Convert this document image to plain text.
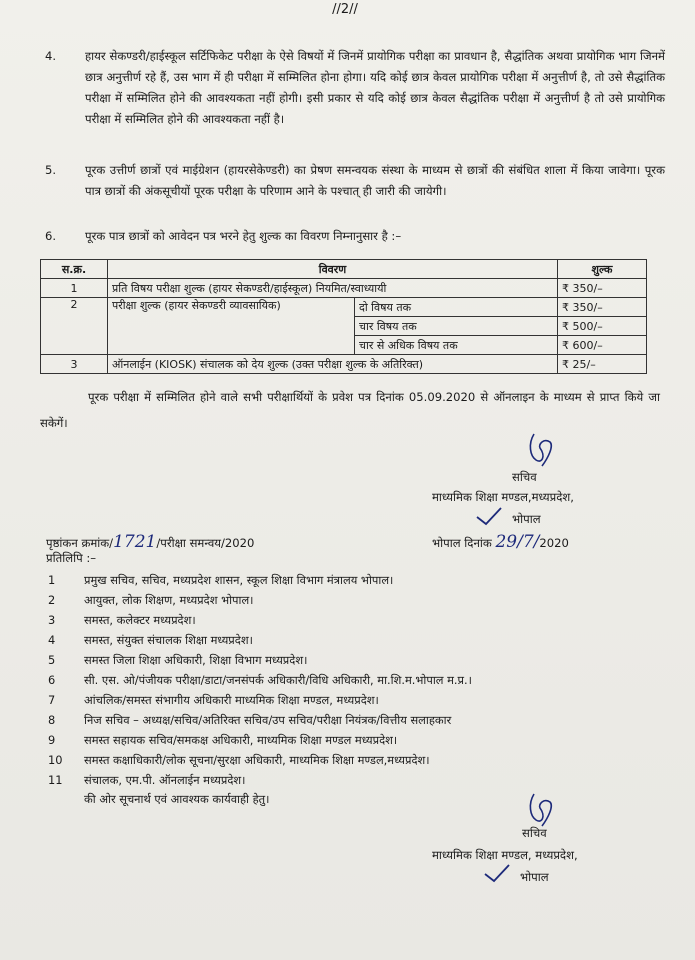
//2//
4. हायर सेकण्डरी/हाईस्कूल सर्टिफिकेट परीक्षा के ऐसे विषयों में जिनमें प्रायोगिक परीक्षा का प्रावधान है, सैद्धांतिक अथवा प्रायोगिक भाग जिनमें छात्र अनुत्तीर्ण रहे हैं, उस भाग में ही परीक्षा में सम्मिलित होना होगा। यदि कोई छात्र केवल प्रायोगिक परीक्षा में अनुत्तीर्ण है, तो उसे सैद्धांतिक परीक्षा में सम्मिलित होने की आवश्यकता नहीं होगी। इसी प्रकार से यदि कोई छात्र केवल सैद्धांतिक परीक्षा में अनुत्तीर्ण है तो उसे प्रायोगिक परीक्षा में सम्मिलित होने की आवश्यकता नहीं है।
5. पूरक उत्तीर्ण छात्रों एवं माईग्रेशन (हायरसेकेण्डरी) का प्रेषण समन्वयक संस्था के माध्यम से छात्रों की संबंधित शाला में किया जावेगा। पूरक पात्र छात्रों की अंकसूचीयों पूरक परीक्षा के परिणाम आने के पश्चात् ही जारी की जायेगी।
6. पूरक पात्र छात्रों को आवेदन पत्र भरने हेतु शुल्क का विवरण निम्नानुसार है :–
स.क्र.	विवरण		शुल्क
1	प्रति विषय परीक्षा शुल्क (हायर सेकण्डरी/हाईस्कूल) नियमित/स्वाध्यायी		₹ 350/–
2	परीक्षा शुल्क (हायर सेकण्डरी व्यावसायिक)	दो विषय तक	₹ 350/–
		चार विषय तक	₹ 500/–
		चार से अधिक विषय तक	₹ 600/–
3	ऑनलाईन (KIOSK) संचालक को देय शुल्क (उक्त परीक्षा शुल्क के अतिरिक्त)		₹ 25/–
पूरक परीक्षा में सम्मिलित होने वाले सभी परीक्षार्थियों के प्रवेश पत्र दिनांक 05.09.2020 से ऑनलाइन के माध्यम से प्राप्त किये जा सकेगें।
सचिव
माध्यमिक शिक्षा मण्डल,मध्यप्रदेश,
भोपाल
पृष्ठांकन क्रमांक/1721/परीक्षा समन्वय/2020	भोपाल दिनांक 29/7/2020
प्रतिलिपि :–
1	प्रमुख सचिव, सचिव, मध्यप्रदेश शासन, स्कूल शिक्षा विभाग मंत्रालय भोपाल।
2	आयुक्त, लोक शिक्षण, मध्यप्रदेश भोपाल।
3	समस्त, कलेक्टर मध्यप्रदेश।
4	समस्त, संयुक्त संचालक शिक्षा मध्यप्रदेश।
5	समस्त जिला शिक्षा अधिकारी, शिक्षा विभाग मध्यप्रदेश।
6	सी. एस. ओ/पंजीयक परीक्षा/डाटा/जनसंपर्क अधिकारी/विधि अधिकारी, मा.शि.म.भोपाल म.प्र.।
7	आंचलिक/समस्त संभागीय अधिकारी माध्यमिक शिक्षा मण्डल, मध्यप्रदेश।
8	निज सचिव – अध्यक्ष/सचिव/अतिरिक्त सचिव/उप सचिव/परीक्षा नियंत्रक/वित्तीय सलाहकार
9	समस्त सहायक सचिव/समकक्ष अधिकारी, माध्यमिक शिक्षा मण्डल मध्यप्रदेश।
10 समस्त कक्षाधिकारी/लोक सूचना/सुरक्षा अधिकारी, माध्यमिक शिक्षा मण्डल,मध्यप्रदेश।
11 संचालक, एम.पी. ऑनलाईन मध्यप्रदेश।
की ओर सूचनार्थ एवं आवश्यक कार्यवाही हेतु।
सचिव
माध्यमिक शिक्षा मण्डल, मध्यप्रदेश,
भोपाल
